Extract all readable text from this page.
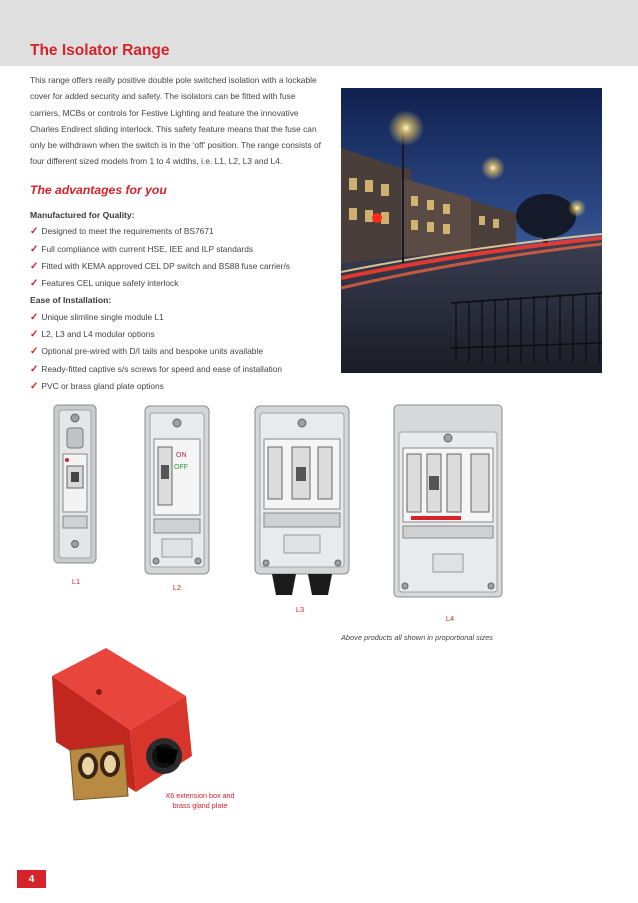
The Isolator Range
This range offers really positive double pole switched isolation with a lockable cover for added security and safety. The isolators can be fitted with fuse carriers, MCBs or controls for Festive Lighting and feature the innovative Charles Endirect sliding interlock. This safety feature means that the fuse can only be withdrawn when the switch is in the ‘off’ position. The range consists of four different sized models from 1 to 4 widths, i.e. L1, L2, L3 and L4.
The advantages for you
Manufactured for Quality:
✓ Designed to meet the requirements of BS7671
✓ Full compliance with current HSE, IEE and ILP standards
✓ Fitted with KEMA approved CEL DP switch and BS88 fuse carrier/s
✓ Features CEL unique safety interlock
Ease of Installation:
✓ Unique slimline single module L1
✓ L2, L3 and L4 modular options
✓ Optional pre-wired with D/I tails and bespoke units available
✓ Ready-fitted captive s/s screws for speed and ease of installation
✓ PVC or brass gland plate options
ON
OFF
L1
L2
L3
L4
Above products all shown in proportional sizes
X6 extension box and brass gland plate
4
